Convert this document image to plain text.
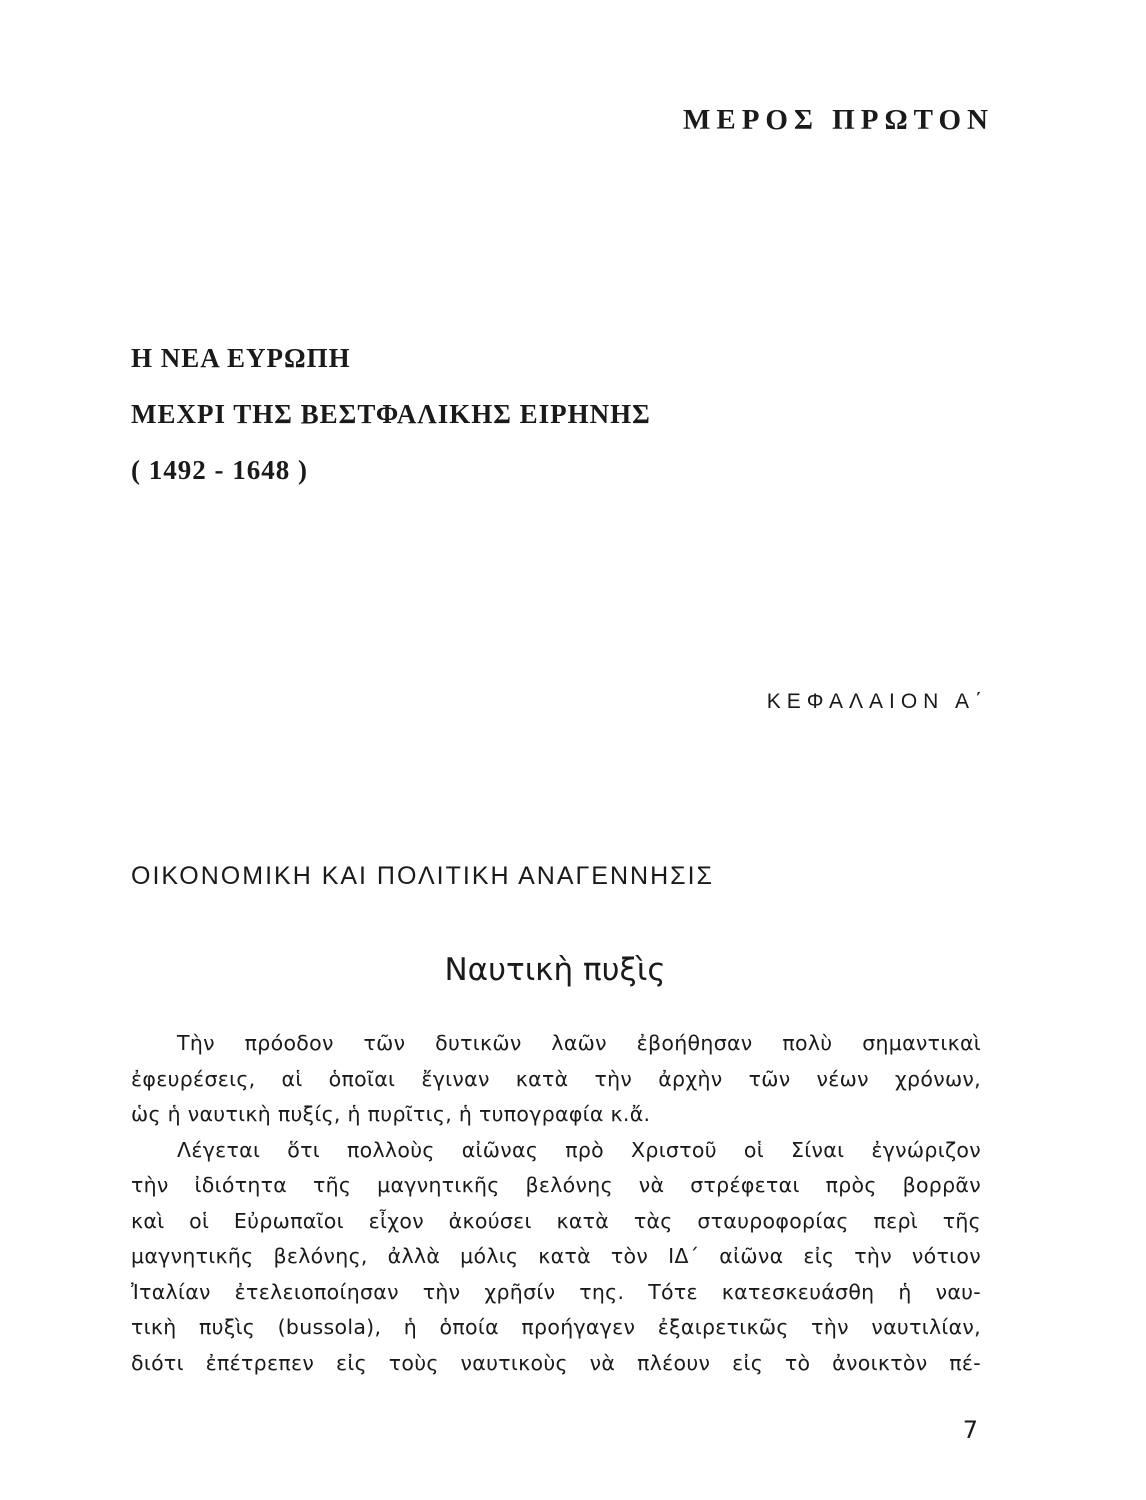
ΜΕΡΟΣ ΠΡΩΤΟΝ
Η ΝΕΑ ΕΥΡΩΠΗ
ΜΕΧΡΙ ΤΗΣ ΒΕΣΤΦΑΛΙΚΗΣ ΕΙΡΗΝΗΣ
( 1492 - 1648 )
ΚΕΦΑΛΑΙΟΝ Α΄
ΟΙΚΟΝΟΜΙΚΗ ΚΑΙ ΠΟΛΙΤΙΚΗ ΑΝΑΓΕΝΝΗΣΙΣ
Ναυτικὴ πυξὶς
Τὴν πρόοδον τῶν δυτικῶν λαῶν ἐβοήθησαν πολὺ σημαντικαὶ
ἐφευρέσεις, αἱ ὁποῖαι ἔγιναν κατὰ τὴν ἀρχὴν τῶν νέων χρόνων,
ὡς ἡ ναυτικὴ πυξίς, ἡ πυρῖτις, ἡ τυπογραφία κ.ἄ.
Λέγεται ὅτι πολλοὺς αἰῶνας πρὸ Χριστοῦ οἱ Σίναι ἐγνώριζον
τὴν ἰδιότητα τῆς μαγνητικῆς βελόνης νὰ στρέφεται πρὸς βορρᾶν
καὶ οἱ Εὐρωπαῖοι εἶχον ἀκούσει κατὰ τὰς σταυροφορίας περὶ τῆς
μαγνητικῆς βελόνης, ἀλλὰ μόλις κατὰ τὸν ΙΔ΄ αἰῶνα εἰς τὴν νότιον
Ἰταλίαν ἐτελειοποίησαν τὴν χρῆσίν της. Τότε κατεσκευάσθη ἡ ναυ-
τικὴ πυξὶς (bussola), ἡ ὁποία προήγαγεν ἐξαιρετικῶς τὴν ναυτιλίαν,
διότι ἐπέτρεπεν εἰς τοὺς ναυτικοὺς νὰ πλέουν εἰς τὸ ἀνοικτὸν πέ-
7
